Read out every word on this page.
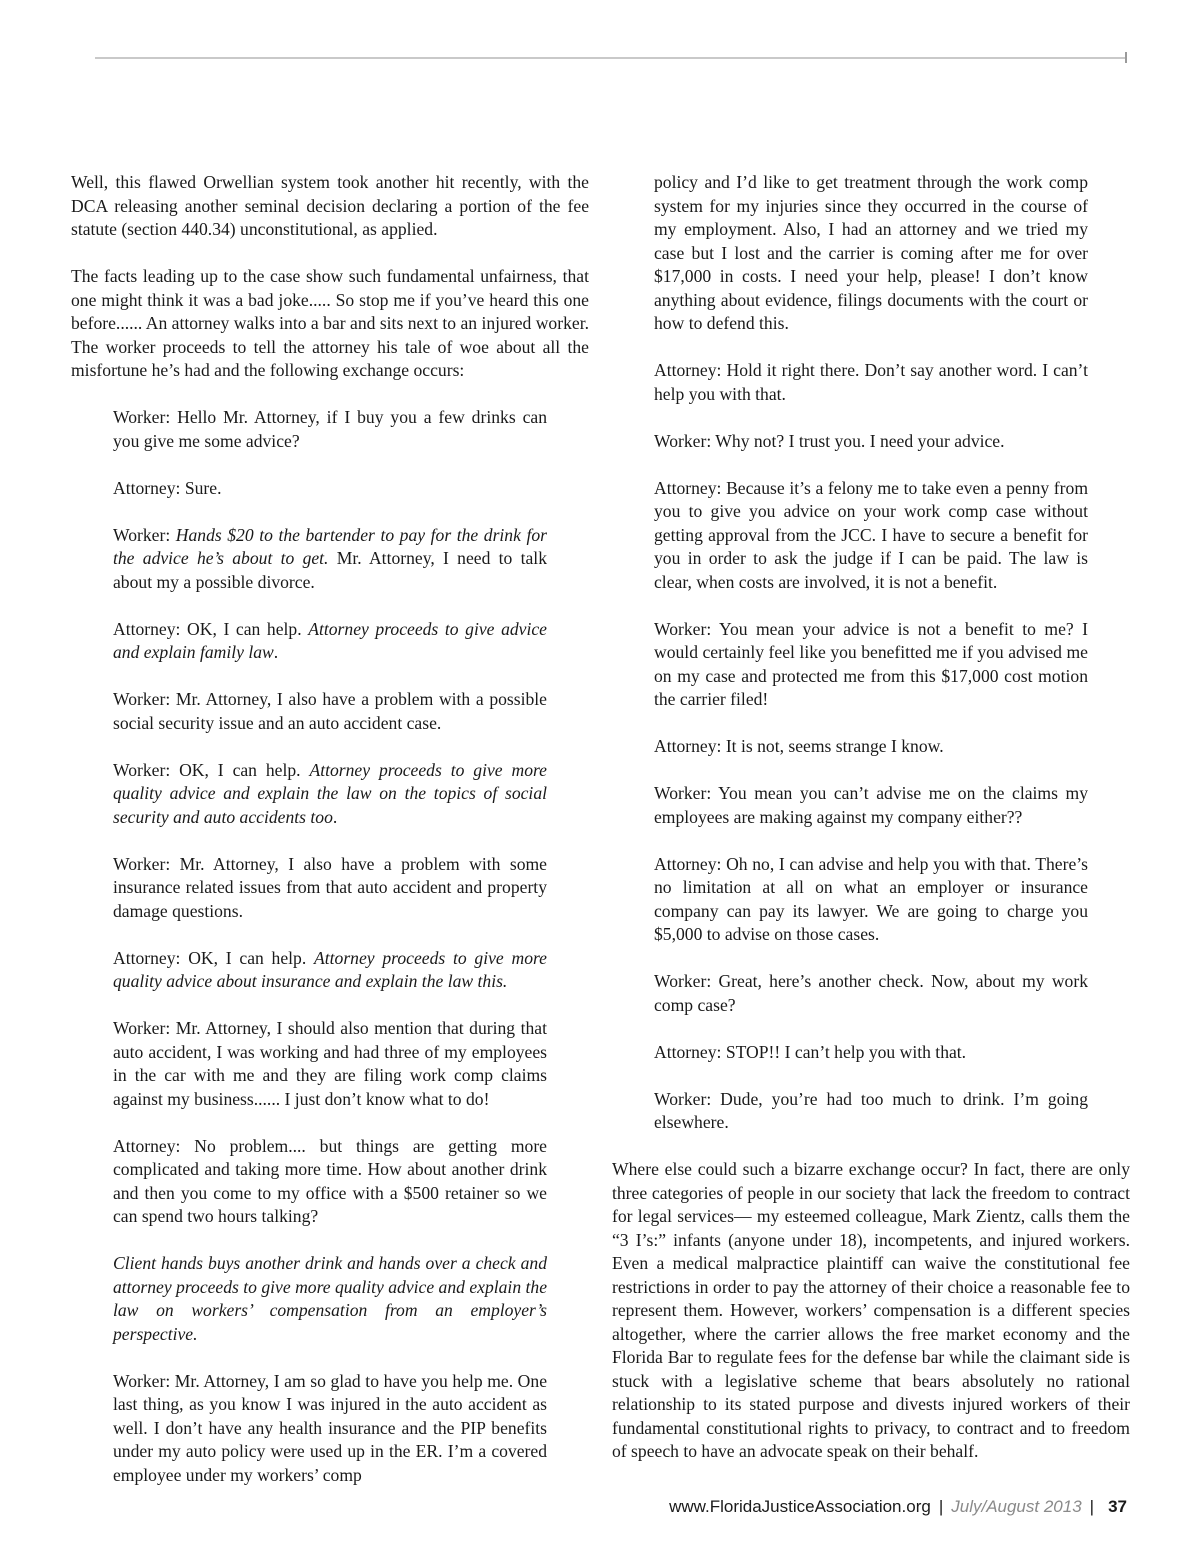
Well, this flawed Orwellian system took another hit recently, with the DCA releasing another seminal decision declaring a portion of the fee statute (section 440.34) unconstitutional, as applied.

The facts leading up to the case show such fundamental unfairness, that one might think it was a bad joke..... So stop me if you’ve heard this one before...... An attorney walks into a bar and sits next to an injured worker. The worker proceeds to tell the attorney his tale of woe about all the misfortune he’s had and the following exchange occurs:

Worker: Hello Mr. Attorney, if I buy you a few drinks can you give me some advice?

Attorney: Sure.

Worker: Hands $20 to the bartender to pay for the drink for the advice he’s about to get. Mr. Attorney, I need to talk about my a possible divorce.

Attorney: OK, I can help. Attorney proceeds to give advice and explain family law.

Worker: Mr. Attorney, I also have a problem with a possible social security issue and an auto accident case.

Worker: OK, I can help. Attorney proceeds to give more quality advice and explain the law on the topics of social security and auto accidents too.

Worker: Mr. Attorney, I also have a problem with some insurance related issues from that auto accident and property damage questions.

Attorney: OK, I can help. Attorney proceeds to give more quality advice about insurance and explain the law this.

Worker: Mr. Attorney, I should also mention that during that auto accident, I was working and had three of my employees in the car with me and they are filing work comp claims against my business...... I just don’t know what to do!

Attorney: No problem.... but things are getting more complicated and taking more time. How about another drink and then you come to my office with a $500 retainer so we can spend two hours talking?

Client hands buys another drink and hands over a check and attorney proceeds to give more quality advice and explain the law on workers’ compensation from an employer’s perspective.

Worker: Mr. Attorney, I am so glad to have you help me. One last thing, as you know I was injured in the auto accident as well. I don’t have any health insurance and the PIP benefits under my auto policy were used up in the ER. I’m a covered employee under my workers’ comp

policy and I’d like to get treatment through the work comp system for my injuries since they occurred in the course of my employment. Also, I had an attorney and we tried my case but I lost and the carrier is coming after me for over $17,000 in costs. I need your help, please! I don’t know anything about evidence, filings documents with the court or how to defend this.

Attorney: Hold it right there. Don’t say another word. I can’t help you with that.

Worker: Why not? I trust you. I need your advice.

Attorney: Because it’s a felony me to take even a penny from you to give you advice on your work comp case without getting approval from the JCC. I have to secure a benefit for you in order to ask the judge if I can be paid. The law is clear, when costs are involved, it is not a benefit.

Worker: You mean your advice is not a benefit to me? I would certainly feel like you benefitted me if you advised me on my case and protected me from this $17,000 cost motion the carrier filed!

Attorney: It is not, seems strange I know.

Worker: You mean you can’t advise me on the claims my employees are making against my company either??

Attorney: Oh no, I can advise and help you with that. There’s no limitation at all on what an employer or insurance company can pay its lawyer. We are going to charge you $5,000 to advise on those cases.

Worker: Great, here’s another check. Now, about my work comp case?

Attorney: STOP!! I can’t help you with that.

Worker: Dude, you’re had too much to drink. I’m going elsewhere.

Where else could such a bizarre exchange occur? In fact, there are only three categories of people in our society that lack the freedom to contract for legal services— my esteemed colleague, Mark Zientz, calls them the “3 I’s:” infants (anyone under 18), incompetents, and injured workers. Even a medical malpractice plaintiff can waive the constitutional fee restrictions in order to pay the attorney of their choice a reasonable fee to represent them. However, workers’ compensation is a different species altogether, where the carrier allows the free market economy and the Florida Bar to regulate fees for the defense bar while the claimant side is stuck with a legislative scheme that bears absolutely no rational relationship to its stated purpose and divests injured workers of their fundamental constitutional rights to privacy, to contract and to freedom of speech to have an advocate speak on their behalf.

www.FloridaJusticeAssociation.org | July/August 2013 | 37
